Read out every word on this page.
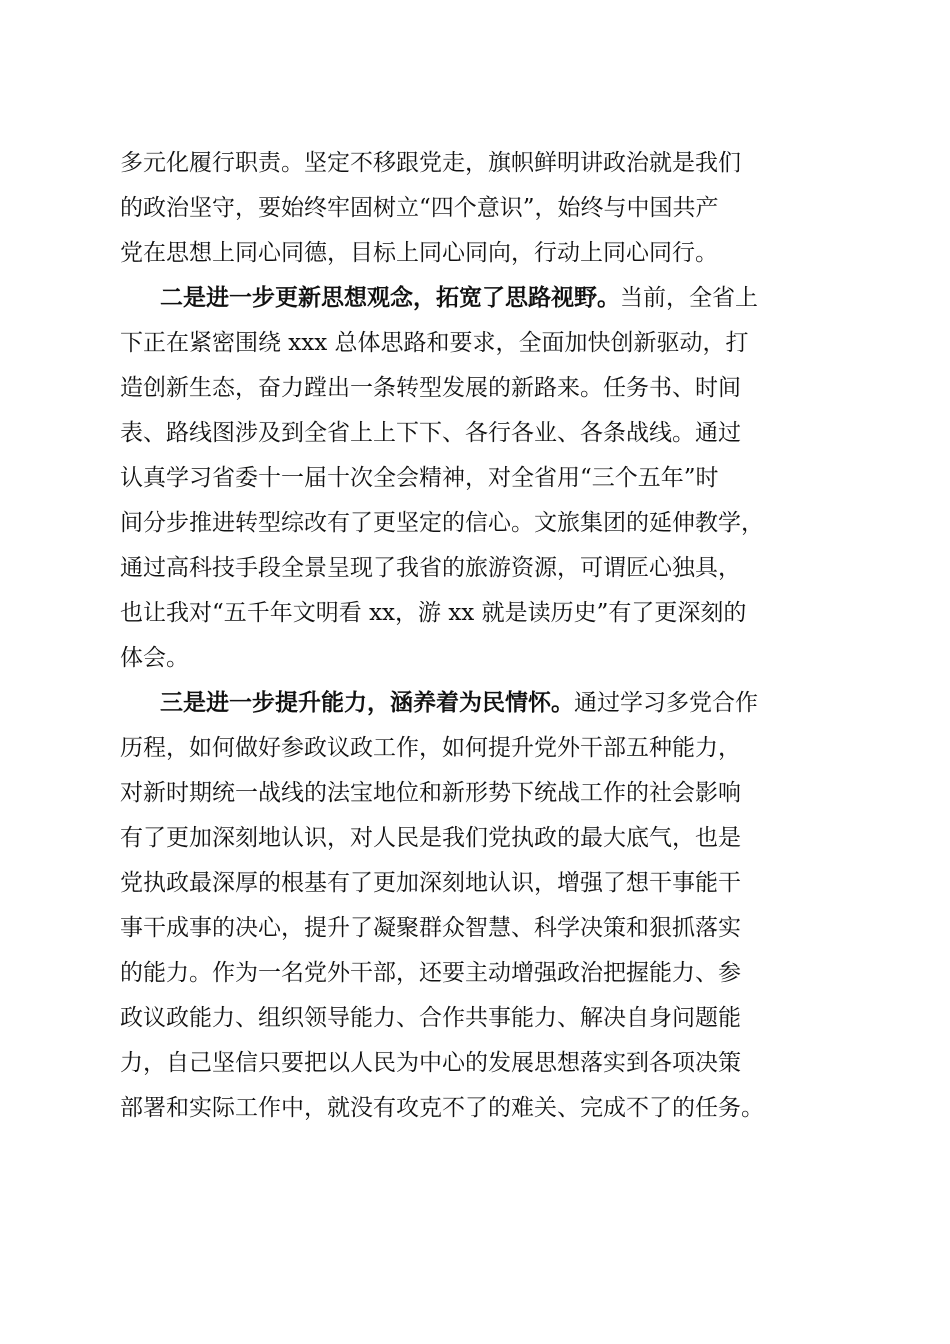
多元化履行职责。坚定不移跟党走，旗帜鲜明讲政治就是我们
的政治坚守，要始终牢固树立“四个意识”，始终与中国共产
党在思想上同心同德，目标上同心同向，行动上同心同行。
二是进一步更新思想观念，拓宽了思路视野。当前，全省上
下正在紧密围绕 xxx 总体思路和要求，全面加快创新驱动，打
造创新生态，奋力蹚出一条转型发展的新路来。任务书、时间
表、路线图涉及到全省上上下下、各行各业、各条战线。通过
认真学习省委十一届十次全会精神，对全省用“三个五年”时
间分步推进转型综改有了更坚定的信心。文旅集团的延伸教学，
通过高科技手段全景呈现了我省的旅游资源，可谓匠心独具，
也让我对“五千年文明看 xx，游 xx 就是读历史”有了更深刻的
体会。
三是进一步提升能力，涵养着为民情怀。通过学习多党合作
历程，如何做好参政议政工作，如何提升党外干部五种能力，
对新时期统一战线的法宝地位和新形势下统战工作的社会影响
有了更加深刻地认识，对人民是我们党执政的最大底气，也是
党执政最深厚的根基有了更加深刻地认识，增强了想干事能干
事干成事的决心，提升了凝聚群众智慧、科学决策和狠抓落实
的能力。作为一名党外干部，还要主动增强政治把握能力、参
政议政能力、组织领导能力、合作共事能力、解决自身问题能
力，自己坚信只要把以人民为中心的发展思想落实到各项决策
部署和实际工作中，就没有攻克不了的难关、完成不了的任务。
